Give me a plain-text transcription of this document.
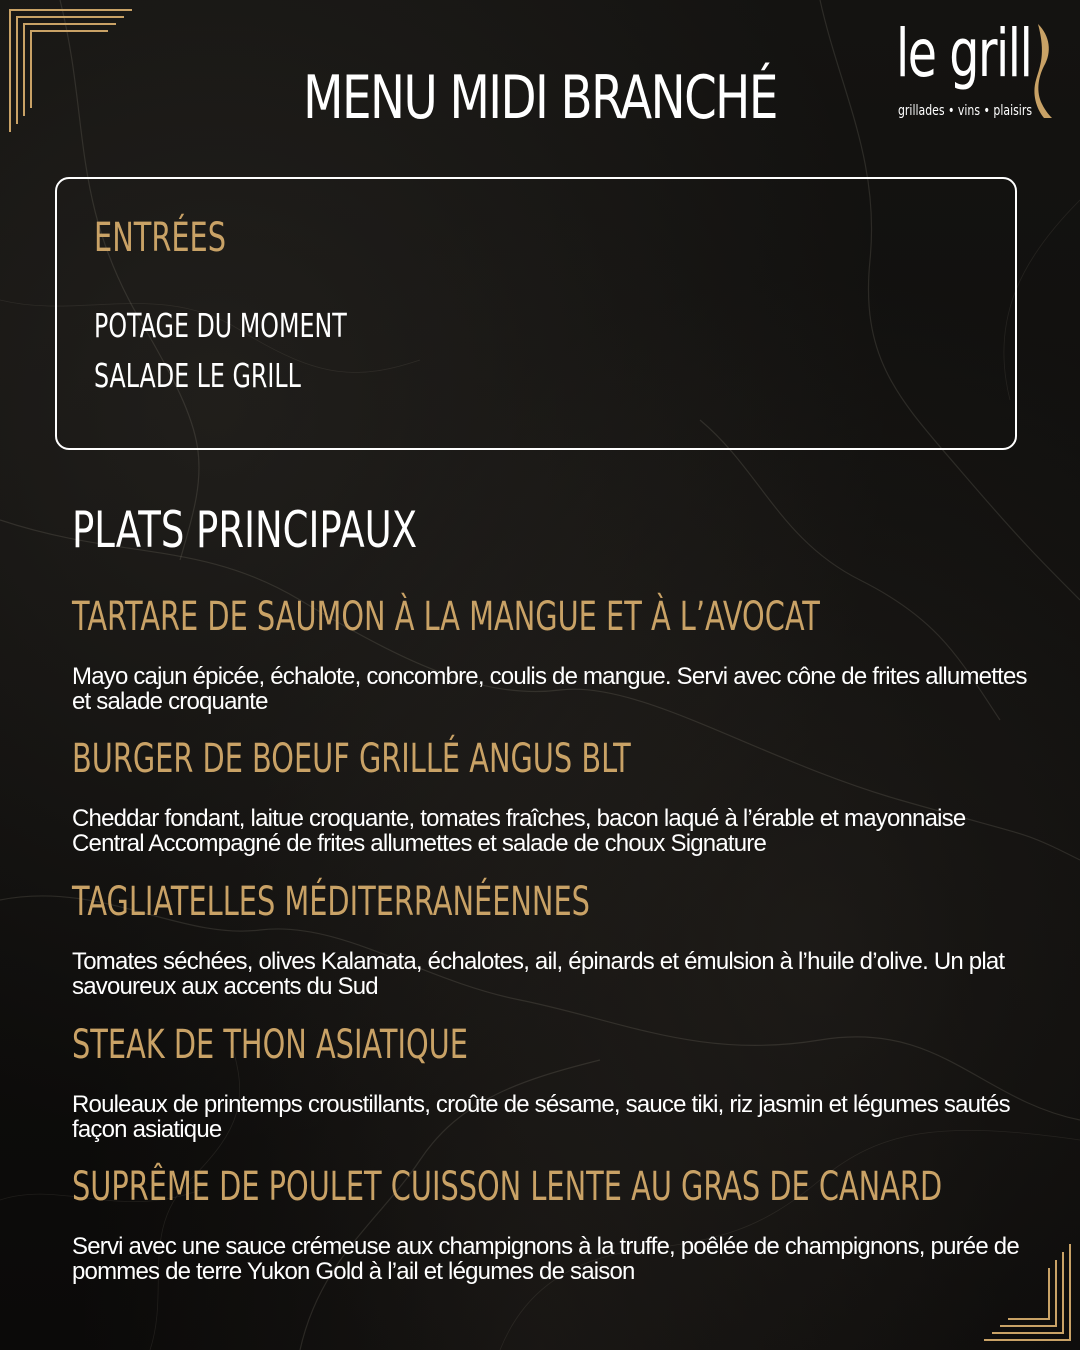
MENU MIDI BRANCHÉ
le grill
grillades • vins • plaisirs
ENTRÉES
POTAGE DU MOMENT
SALADE LE GRILL
PLATS PRINCIPAUX
TARTARE DE SAUMON À LA MANGUE ET À L’AVOCAT
Mayo cajun épicée, échalote, concombre, coulis de mangue. Servi avec cône de frites allumettes et salade croquante
BURGER DE BOEUF GRILLÉ ANGUS BLT
Cheddar fondant, laitue croquante, tomates fraîches, bacon laqué à l’érable et mayonnaise Central Accompagné de frites allumettes et salade de choux Signature
TAGLIATELLES MÉDITERRANÉENNES
Tomates séchées, olives Kalamata, échalotes, ail, épinards et émulsion à l’huile d’olive. Un plat savoureux aux accents du Sud
STEAK DE THON ASIATIQUE
Rouleaux de printemps croustillants, croûte de sésame, sauce tiki, riz jasmin et légumes sautés façon asiatique
SUPRÊME DE POULET CUISSON LENTE AU GRAS DE CANARD
Servi avec une sauce crémeuse aux champignons à la truffe, poêlée de champignons, purée de pommes de terre Yukon Gold à l’ail et légumes de saison
